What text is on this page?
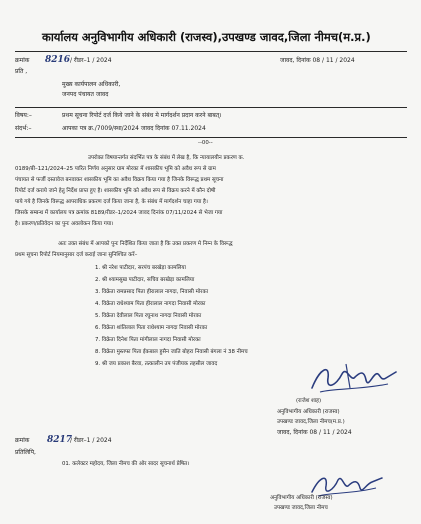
कार्यालय अनुविभागीय अधिकारी (राजस्व),उपखण्ड जावद,जिला नीमच(म.प्र.)
क्रमांक 8216 / रीडर–1 / 2024	जावद, दिनांक 08 / 11 / 2024
प्रति ,
मुख्य कार्यपालन अधिकारी,
जनपद पंचायत जावद
विषय:–	प्रथम सूचना रिपोर्ट दर्ज किये जाने के संबंध मे मार्गदर्शन प्रदान करने बाबत्।
संदर्भ:–	आपका पत्र क्र./7009/स्था/2024 जावद दिनांक 07.11.2024
--00--
उपरोक्त विषयान्तर्गत संदर्भित पत्र के संबंध में लेख है, कि न्यायालयीन प्रकरण क.
0189/बी–121/2024–25 पारित निर्णय अनुसार ग्राम मोरका में शासकीय भूमि को अवैध रूप से ग्राम
पंचायत से फर्जी दस्तावेज बनवाकर शासकीय भूमि का अवैध विक्रय किया गया है जिनके विरूद्ध प्रथम सूचना
रिपोर्ट दर्ज कराये जाने हेतु निर्देश प्राप्त हुए है। शासकीय भूमि को अवैध रूप से विक्रय करने में कौन दोषी
पाये गये है जिनके विरूद्ध आपराधिक प्रकरण दर्ज किया जाना है, के संबंध में मार्गदर्शन चाहा गया है।
जिसके सम्बन्ध में कार्यालय पत्र क्रमांक 8189/रीडर–1/2024 जावद दिनांक 07/11/2024 से भेजा गया
है। प्रकरण/प्रतिवेदन का पुनः अवलोकन किया गया।
अतः उक्त संबंध में आपको पुनः निर्देशित किया जाता है कि उक्त प्रकरण मे निम्न के विरूद्ध
प्रथम सूचना रिपोर्ट नियमानुसार दर्ज कराई जाना सुनिश्चित करें–
1. श्री नरेश पाटीदार, सरपंच बरखेड़ा कामलिया
2. श्री श्यामसुख पाटीदार, सचिव बरखेड़ा कामलिया
3. विक्रेता रामप्रसाद पिता हीरालाल नागदा, निवासी मोरका
4. विक्रेता राधेश्याम पिता हीरालाल नागदा निवासी मोरका
5. विक्रेता देवीलाल पिता रघुनाथ नागदा निवासी मोरका
6. विक्रेता शांतिलाल पिता राधेश्याम नागदा निवासी मोरका
7. विक्रेता दिनेश पिता मांगीलाल नागदा निवासी मोरका
8. विक्रेता मुस्तफा पिता ईकबाल हुसैन जाति बोहरा निवासी बंगला नं 38 नीमच
9. श्री जय प्रकाश बैरवा, तत्कालीन उप पंजीयक तहसील जावद
(राजेश शाह)
अनुविभागीय अधिकारी (राजस्व)
उपखण्ड जावद,जिला नीमच(म.प्र.)
क्रमांक 8217
/ रीडर–1 / 2024
जावद, दिनांक 08 / 11 / 2024
प्रतिलिपि,
01. कलेक्टर महोदय, जिला नीमच की ओर सादर सूचनार्थ प्रेषित।
अनुविभागीय अधिकारी (राजस्व)
उपखण्ड जावद,जिला नीमच
